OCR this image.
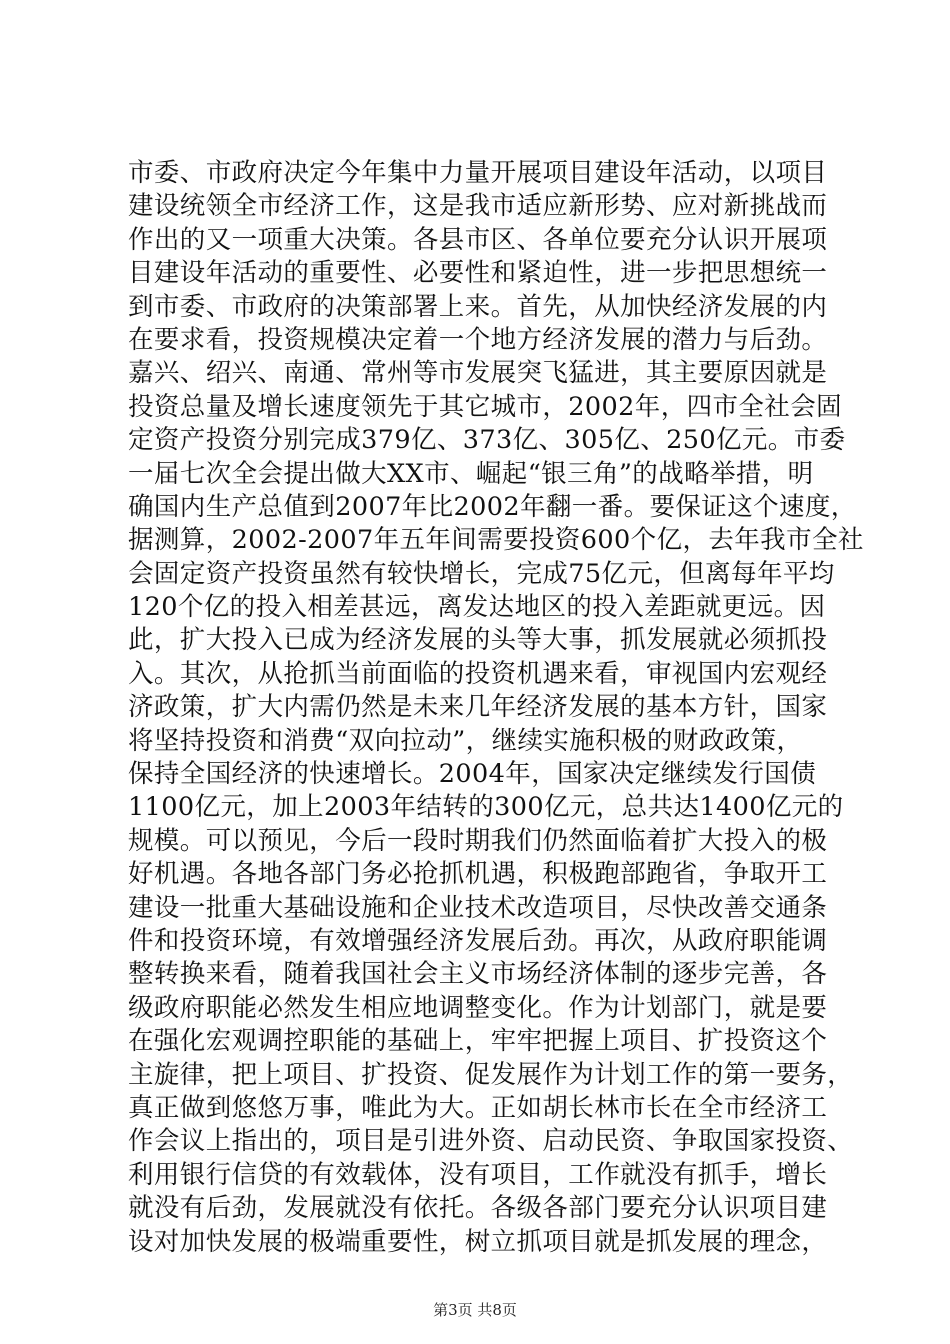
市委、市政府决定今年集中力量开展项目建设年活动，以项目
建设统领全市经济工作，这是我市适应新形势、应对新挑战而
作出的又一项重大决策。各县市区、各单位要充分认识开展项
目建设年活动的重要性、必要性和紧迫性，进一步把思想统一
到市委、市政府的决策部署上来。首先，从加快经济发展的内
在要求看，投资规模决定着一个地方经济发展的潜力与后劲。
嘉兴、绍兴、南通、常州等市发展突飞猛进，其主要原因就是
投资总量及增长速度领先于其它城市，2002年，四市全社会固
定资产投资分别完成379亿、373亿、305亿、250亿元。市委
一届七次全会提出做大XX市、崛起“银三角”的战略举措，明
确国内生产总值到2007年比2002年翻一番。要保证这个速度，
据测算，2002-2007年五年间需要投资600个亿，去年我市全社
会固定资产投资虽然有较快增长，完成75亿元，但离每年平均
120个亿的投入相差甚远，离发达地区的投入差距就更远。因
此，扩大投入已成为经济发展的头等大事，抓发展就必须抓投
入。其次，从抢抓当前面临的投资机遇来看，审视国内宏观经
济政策，扩大内需仍然是未来几年经济发展的基本方针，国家
将坚持投资和消费“双向拉动”，继续实施积极的财政政策，
保持全国经济的快速增长。2004年，国家决定继续发行国债
1100亿元，加上2003年结转的300亿元，总共达1400亿元的
规模。可以预见，今后一段时期我们仍然面临着扩大投入的极
好机遇。各地各部门务必抢抓机遇，积极跑部跑省，争取开工
建设一批重大基础设施和企业技术改造项目，尽快改善交通条
件和投资环境，有效增强经济发展后劲。再次，从政府职能调
整转换来看，随着我国社会主义市场经济体制的逐步完善，各
级政府职能必然发生相应地调整变化。作为计划部门，就是要
在强化宏观调控职能的基础上，牢牢把握上项目、扩投资这个
主旋律，把上项目、扩投资、促发展作为计划工作的第一要务，
真正做到悠悠万事，唯此为大。正如胡长林市长在全市经济工
作会议上指出的，项目是引进外资、启动民资、争取国家投资、
利用银行信贷的有效载体，没有项目，工作就没有抓手，增长
就没有后劲，发展就没有依托。各级各部门要充分认识项目建
设对加快发展的极端重要性，树立抓项目就是抓发展的理念，
第3页 共8页
